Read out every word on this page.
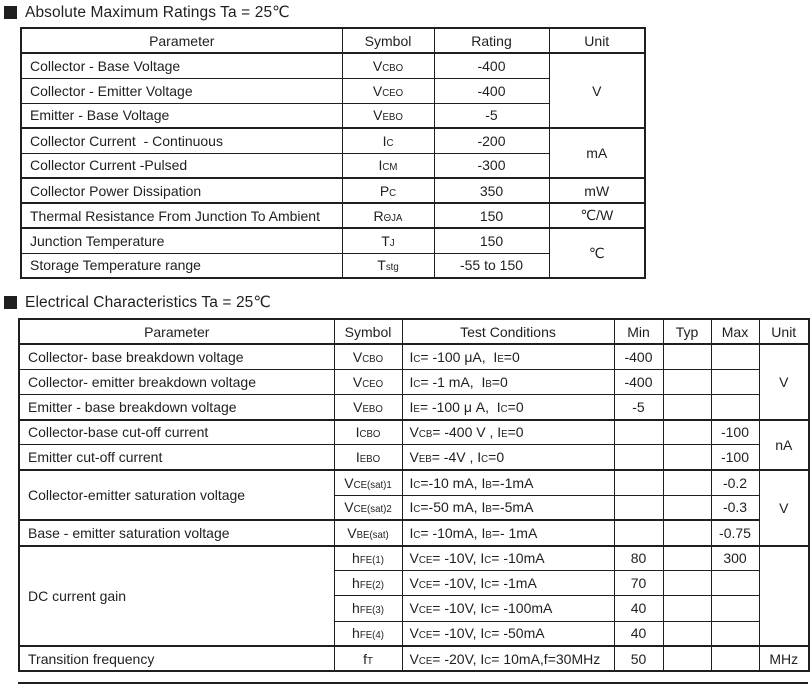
Absolute Maximum Ratings Ta = 25℃
Parameter	Symbol	Rating	Unit
Collector - Base Voltage	VCBO	-400	V
Collector - Emitter Voltage	VCEO	-400	
Emitter - Base Voltage	VEBO	-5	
Collector Current  - Continuous	IC	-200	mA
Collector Current -Pulsed	ICM	-300	
Collector Power Dissipation	PC	350	mW
Thermal Resistance From Junction To Ambient	RΘJA	150	℃/W
Junction Temperature	TJ	150	℃
Storage Temperature range	Tstg	-55 to 150	
Electrical Characteristics Ta = 25℃
Parameter	Symbol	Test Conditions	Min	Typ	Max	Unit
Collector- base breakdown voltage	VCBO	IC= -100 μA,  IE=0	-400			V
Collector- emitter breakdown voltage	VCEO	IC= -1 mA,  IB=0	-400			
Emitter - base breakdown voltage	VEBO	IE= -100 μ A,  IC=0	-5			
Collector-base cut-off current	ICBO	VCB= -400 V , IE=0			-100	nA
Emitter cut-off current	IEBO	VEB= -4V , IC=0			-100	
Collector-emitter saturation voltage	VCE(sat)1	IC=-10 mA, IB=-1mA			-0.2	V
	VCE(sat)2	IC=-50 mA, IB=-5mA			-0.3	
Base - emitter saturation voltage	VBE(sat)	IC= -10mA, IB=- 1mA			-0.75	
DC current gain	hFE(1)	VCE= -10V, IC= -10mA	80		300	
	hFE(2)	VCE= -10V, IC= -1mA	70			
	hFE(3)	VCE= -10V, IC= -100mA	40			
	hFE(4)	VCE= -10V, IC= -50mA	40			
Transition frequency	fT	VCE= -20V, IC= 10mA,f=30MHz	50			MHz
